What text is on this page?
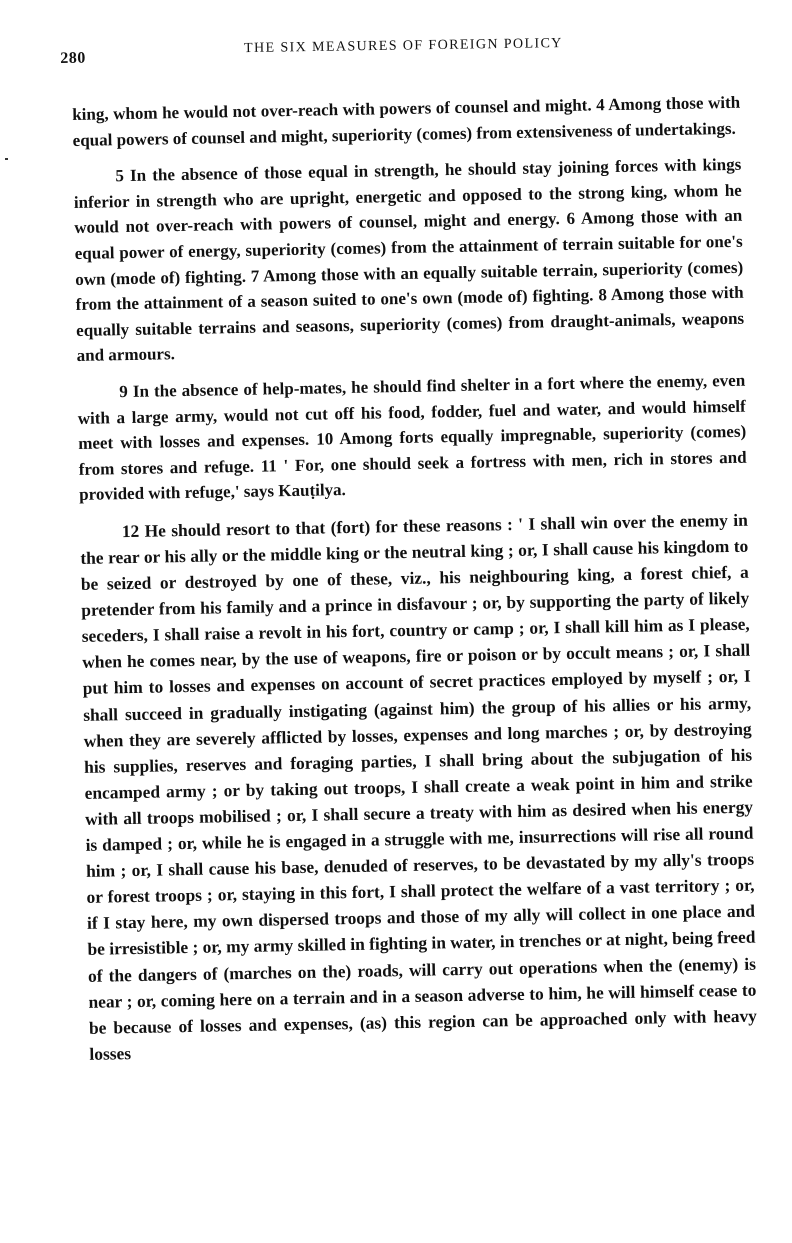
280
THE SIX MEASURES OF FOREIGN POLICY

king, whom he would not over-reach with powers of counsel and might. 4 Among those with equal powers of counsel and might, superiority (comes) from extensiveness of undertakings.

5 In the absence of those equal in strength, he should stay joining forces with kings inferior in strength who are upright, energetic and opposed to the strong king, whom he would not over-reach with powers of counsel, might and energy. 6 Among those with an equal power of energy, superiority (comes) from the attainment of terrain suitable for one's own (mode of) fighting. 7 Among those with an equally suitable terrain, superiority (comes) from the attainment of a season suited to one's own (mode of) fighting. 8 Among those with equally suitable terrains and seasons, superiority (comes) from draught-animals, weapons and armours.

9 In the absence of help-mates, he should find shelter in a fort where the enemy, even with a large army, would not cut off his food, fodder, fuel and water, and would himself meet with losses and expenses. 10 Among forts equally impregnable, superiority (comes) from stores and refuge. 11 ' For, one should seek a fortress with men, rich in stores and provided with refuge,' says Kauṭilya.

12 He should resort to that (fort) for these reasons : ' I shall win over the enemy in the rear or his ally or the middle king or the neutral king ; or, I shall cause his kingdom to be seized or destroyed by one of these, viz., his neighbouring king, a forest chief, a pretender from his family and a prince in disfavour ; or, by supporting the party of likely seceders, I shall raise a revolt in his fort, country or camp ; or, I shall kill him as I please, when he comes near, by the use of weapons, fire or poison or by occult means ; or, I shall put him to losses and expenses on account of secret practices employed by myself ; or, I shall succeed in gradually instigating (against him) the group of his allies or his army, when they are severely afflicted by losses, expenses and long marches ; or, by destroying his supplies, reserves and foraging parties, I shall bring about the subjugation of his encamped army ; or by taking out troops, I shall create a weak point in him and strike with all troops mobilised ; or, I shall secure a treaty with him as desired when his energy is damped ; or, while he is engaged in a struggle with me, insurrections will rise all round him ; or, I shall cause his base, denuded of reserves, to be devastated by my ally's troops or forest troops ; or, staying in this fort, I shall protect the welfare of a vast territory ; or, if I stay here, my own dispersed troops and those of my ally will collect in one place and be irresistible ; or, my army skilled in fighting in water, in trenches or at night, being freed of the dangers of (marches on the) roads, will carry out operations when the (enemy) is near ; or, coming here on a terrain and in a season adverse to him, he will himself cease to be because of losses and expenses, (as) this region can be approached only with heavy losses
